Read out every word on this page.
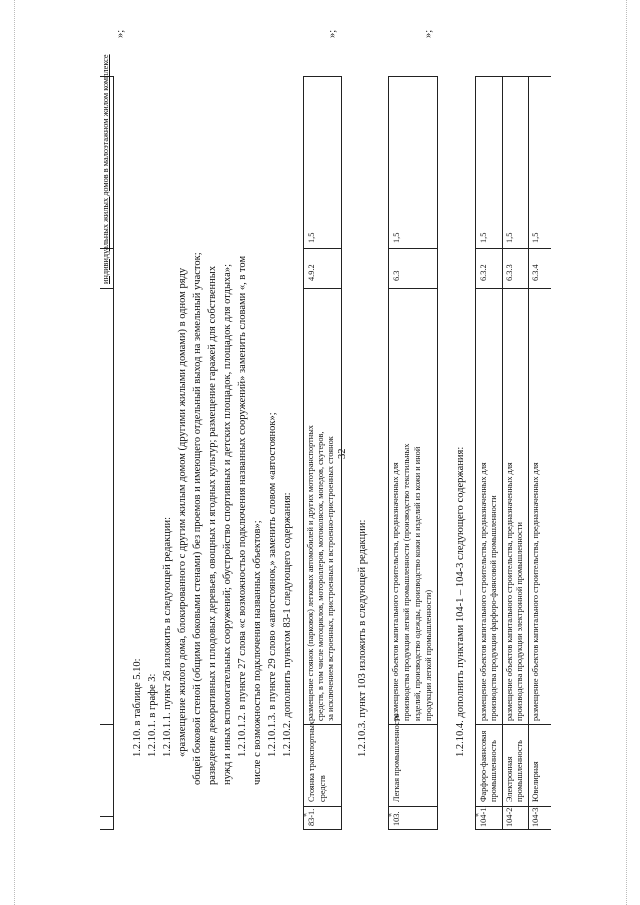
32
индивидуальных жилых домов в малоэтажном жилом комплексе
»;
1.2.10. в таблице 5.10: 1.2.10.1. в графе 3: 1.2.10.1.1. пункт 26 изложить в следующей редакции: «размещение жилого дома, блокированного с другим жилым домом (другими жилыми домами) в одном ряду общей боковой стеной (общими боковыми стенами) без проемов и имеющего отдельный выход на земельный участок; разведение декоративных и плодовых деревьев, овощных и ягодных культур; размещение гаражей для собственных нужд и иных вспомогательных сооружений; обустройство спортивных и детских площадок, площадок для отдыха»; 1.2.10.1.2. в пункте 27 слова «с возможностью подключения названных сооружений» заменить словами «, в том числе с возможностью подключения названных объектов»; 1.2.10.1.3. в пункте 29 слово «автостоянок,» заменить словом «автостоянок»; 1.2.10.2. дополнить пунктом 83-1 следующего содержания:
«
83-1.
Стоянка транспортных средств
размещение стоянок (парковок) легковых автомобилей и других мототранспортных средств, в том числе мотоциклов, мотороллеров, мотоколясок, мопедов, скутеров, за исключением встроенных, пристроенных и встроенно-пристроенных стоянок
4.9.2
1,5
»;
1.2.10.3. пункт 103 изложить в следующей редакции:
«
103.
Легкая промышленность
размещение объектов капитального строительства, предназначенных для производства продукции легкой промышленности (производство текстильных изделий, производство одежды, производство кожи и изделий из кожи и иной продукции легкой промышленности)
6.3
1,5
»;
1.2.10.4. дополнить пунктами 104-1 – 104-3 следующего содержания:
«
104-1.
Фарфоро-фаянсовая промышленность
размещение объектов капитального строительства, предназначенных для производства продукции фарфоро-фаянсовой промышленности
6.3.2
1,5
104-2.
Электронная промышленность
размещение объектов капитального строительства, предназначенных для производства продукции электронной промышленности
6.3.3
1,5
104-3.
Ювелирная
размещение объектов капитального строительства, предназначенных для
6.3.4
1,5
